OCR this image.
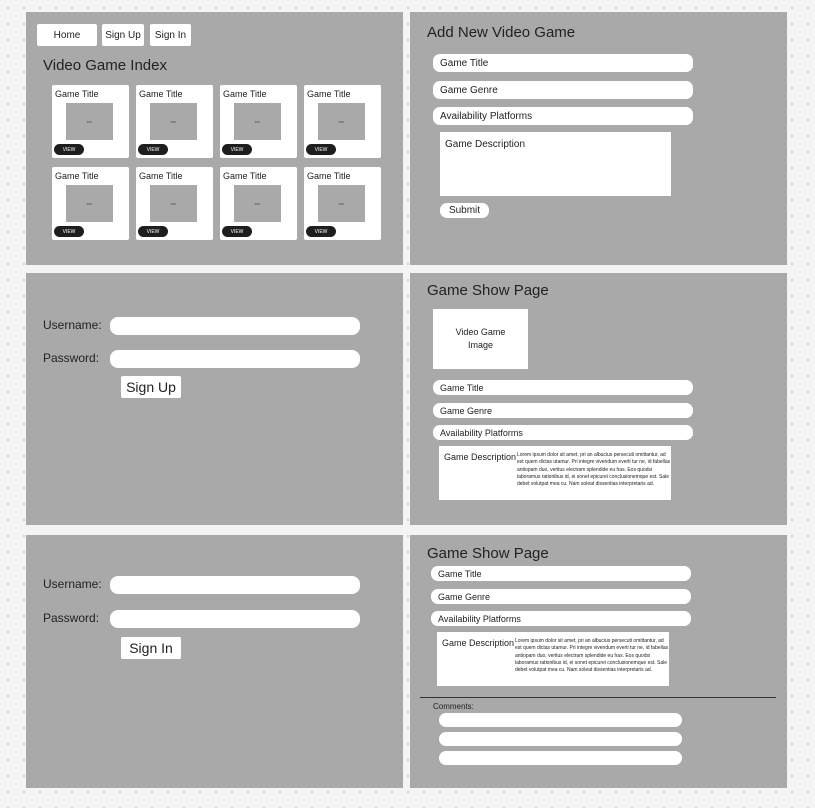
Home	Sign Up	Sign In
Video Game Index
Game Title
IMG
VIEW
Game Title
IMG
VIEW
Game Title
IMG
VIEW
Game Title
IMG
VIEW
Game Title
IMG
VIEW
Game Title
IMG
VIEW
Game Title
IMG
VIEW
Game Title
IMG
VIEW
Add New Video Game
Game Title
Game Genre
Availability Platforms
Game Description
Submit
Username:
Password:
Sign Up
Game Show Page
Video Game Image
Game Title
Game Genre
Availability Platforms
Game Description Lorem ipsum dolor sit amet, pri an albucius persecuti omittantur, ad est quem dictas utamur. Pri integre vivendum everti tur ne, id fabellas antiopam duo, veritus electram splendide eu has. Eos quodsi laboramus rationibus id, ei sonet epicurei conclusionemque est. Sale debet volutpat mea cu. Nam soleat dissentias interpretaris ad.
Username:
Password:
Sign In
Game Show Page
Game Title
Game Genre
Availability Platforms
Game Description Lorem ipsum dolor sit amet, pri an albucius persecuti omittantur, ad est quem dictas utamur. Pri integre vivendum everti tur ne, id fabellas antiopam duo, veritus electram splendide eu has. Eos quodsi laboramus rationibus id, ei sonet epicurei conclusionemque est. Sale debet volutpat mea cu. Nam soleat dissentias interpretaris ad.
Comments:
